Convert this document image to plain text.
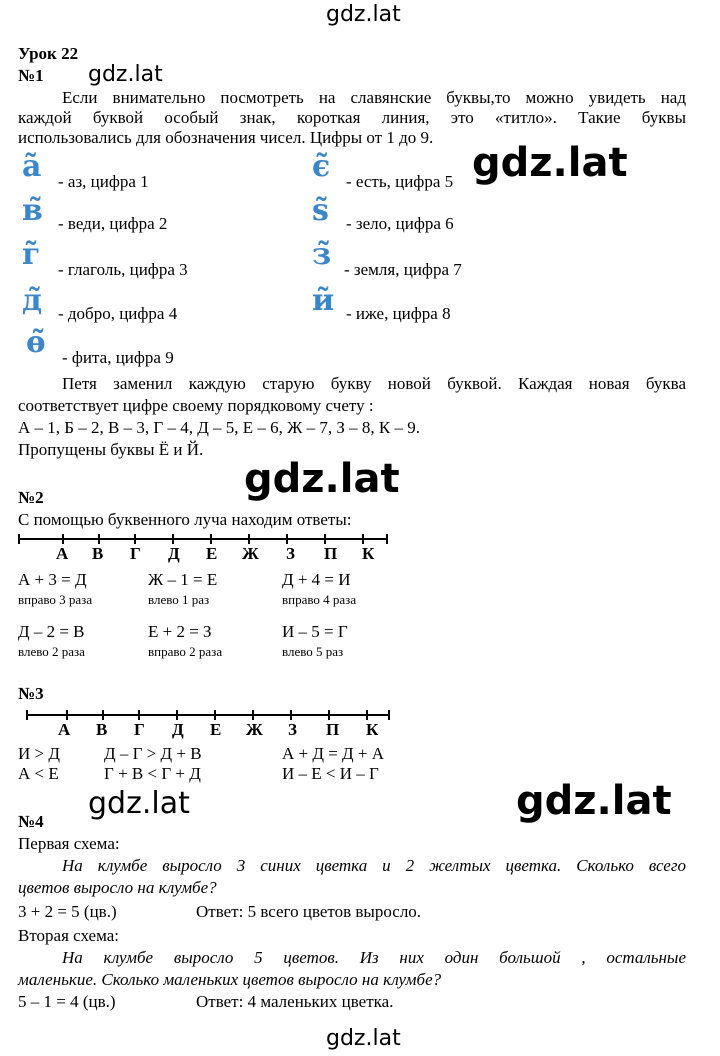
gdz.lat
gdz.lat
gdz.lat
gdz.lat
gdz.lat	gdz.lat
gdz.lat
Урок 22
№1
Если внимательно посмотреть на славянские буквы,то можно увидеть над
каждой буквой особый знак, короткая линия, это «титло». Такие буквы
использовались для обозначения чисел. Цифры от 1 до 9.
а̃ - аз, цифра 1
в̃ - веди, цифра 2
г̃ - глаголь, цифра 3
д̃ - добро, цифра 4
ѳ̃ - фита, цифра 9
є̃ - есть, цифра 5
ѕ̃ - зело, цифра 6
з̃ - земля, цифра 7
и̃ - иже, цифра 8
Петя заменил каждую старую букву новой буквой. Каждая новая буква
соответствует цифре своему порядковому счету :
А – 1, Б – 2, В – 3, Г – 4, Д – 5, Е – 6, Ж – 7, З – 8, К – 9.
Пропущены буквы Ё и Й.
№2
С помощью буквенного луча находим ответы:
А В Г Д Е Ж З П К
А + 3 = Д
вправо 3 раза
Ж – 1 = Е
влево 1 раз
Д + 4 = И
вправо 4 раза
Д – 2 = В
влево 2 раза
Е + 2 = З
вправо 2 раза
И – 5 = Г
влево 5 раз
№3
А В Г Д Е Ж З П К
И > Д	Д – Г > Д + В	А + Д = Д + А
А < Е	Г + В < Г + Д	И – Е < И – Г
№4
Первая схема:
На клумбе выросло 3 синих цветка и 2 желтых цветка. Сколько всего
цветов выросло на клумбе?
3 + 2 = 5 (цв.)	Ответ: 5 всего цветов выросло.
Вторая схема:
На клумбе выросло 5 цветов. Из них один большой , остальные
маленькие. Сколько маленьких цветов выросло на клумбе?
5 – 1 = 4 (цв.)	Ответ: 4 маленьких цветка.
